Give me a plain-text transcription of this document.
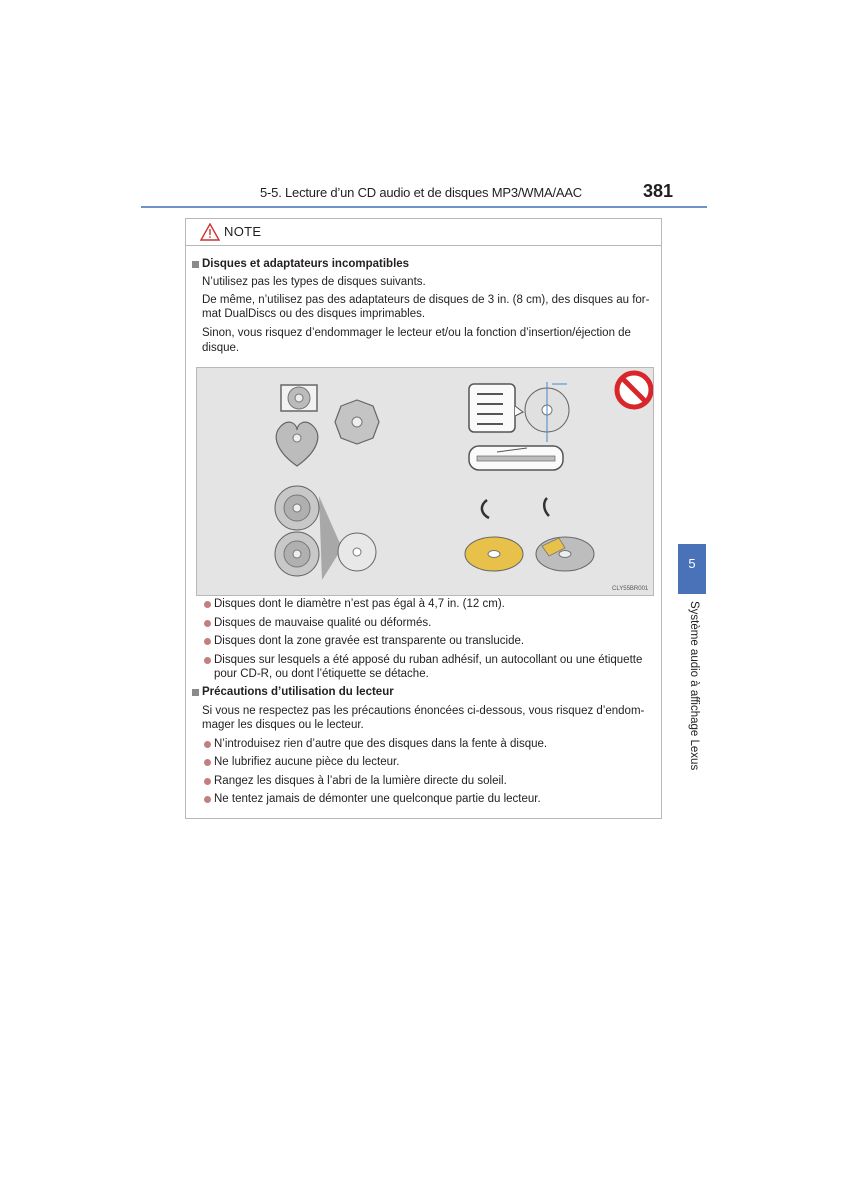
5-5. Lecture d’un CD audio et de disques MP3/WMA/AAC	381
NOTE
Disques et adaptateurs incompatibles
N’utilisez pas les types de disques suivants.
De même, n’utilisez pas des adaptateurs de disques de 3 in. (8 cm), des disques au for-
mat DualDiscs ou des disques imprimables.
Sinon, vous risquez d’endommager le lecteur et/ou la fonction d’insertion/éjection de
disque.
CLY55BR001
Disques dont le diamètre n’est pas égal à 4,7 in. (12 cm).
Disques de mauvaise qualité ou déformés.
Disques dont la zone gravée est transparente ou translucide.
Disques sur lesquels a été apposé du ruban adhésif, un autocollant ou une étiquette
pour CD-R, ou dont l’étiquette se détache.
Précautions d’utilisation du lecteur
Si vous ne respectez pas les précautions énoncées ci-dessous, vous risquez d’endom-
mager les disques ou le lecteur.
N’introduisez rien d’autre que des disques dans la fente à disque.
Ne lubrifiez aucune pièce du lecteur.
Rangez les disques à l’abri de la lumière directe du soleil.
Ne tentez jamais de démonter une quelconque partie du lecteur.
5
Système audio à affichage Lexus
